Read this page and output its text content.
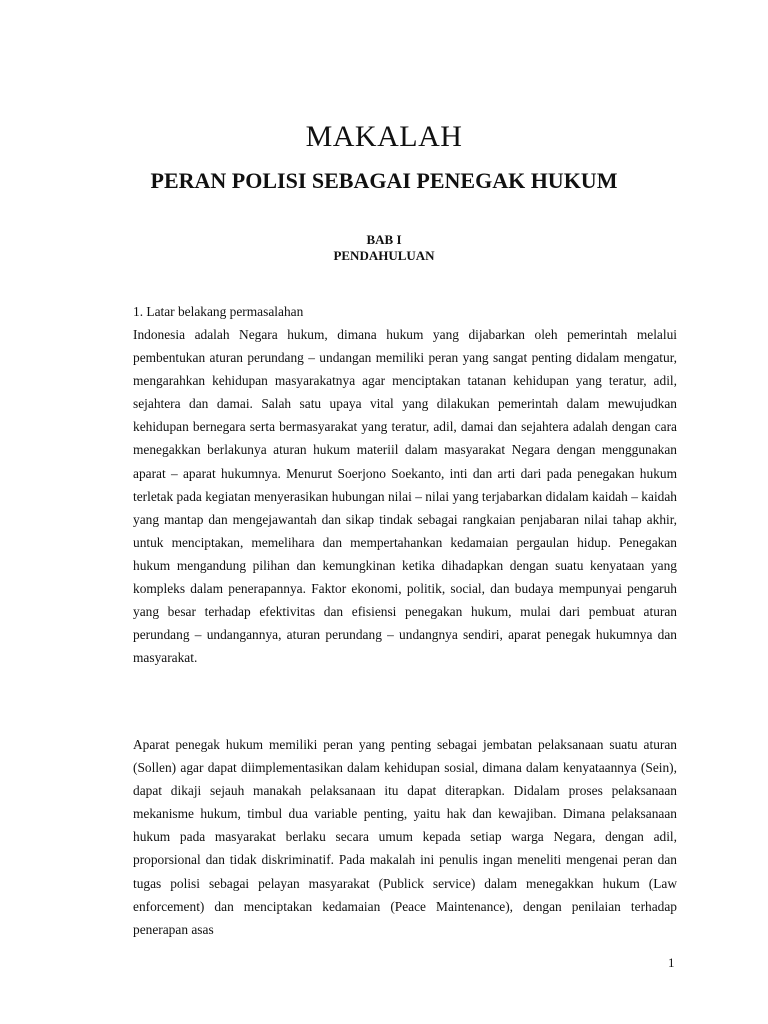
MAKALAH
PERAN POLISI SEBAGAI PENEGAK HUKUM
BAB I
PENDAHULUAN
1. Latar belakang permasalahan
Indonesia adalah Negara hukum, dimana hukum yang dijabarkan oleh pemerintah melalui pembentukan aturan perundang – undangan memiliki peran yang sangat penting didalam mengatur, mengarahkan kehidupan masyarakatnya agar menciptakan tatanan kehidupan yang teratur, adil, sejahtera dan damai. Salah satu upaya vital yang dilakukan pemerintah dalam mewujudkan kehidupan bernegara serta bermasyarakat yang teratur, adil, damai dan sejahtera adalah dengan cara menegakkan berlakunya aturan hukum materiil dalam masyarakat Negara dengan menggunakan aparat – aparat hukumnya. Menurut Soerjono Soekanto, inti dan arti dari pada penegakan hukum terletak pada kegiatan menyerasikan hubungan nilai – nilai yang terjabarkan didalam kaidah – kaidah yang mantap dan mengejawantah dan sikap tindak sebagai rangkaian penjabaran nilai tahap akhir, untuk menciptakan, memelihara dan mempertahankan kedamaian pergaulan hidup. Penegakan hukum mengandung pilihan dan kemungkinan ketika dihadapkan dengan suatu kenyataan yang kompleks dalam penerapannya. Faktor ekonomi, politik, social, dan budaya mempunyai pengaruh yang besar terhadap efektivitas dan efisiensi penegakan hukum, mulai dari pembuat aturan perundang – undangannya, aturan perundang – undangnya sendiri, aparat penegak hukumnya dan masyarakat.
Aparat penegak hukum memiliki peran yang penting sebagai jembatan pelaksanaan suatu aturan (Sollen) agar dapat diimplementasikan dalam kehidupan sosial, dimana dalam kenyataannya (Sein), dapat dikaji sejauh manakah pelaksanaan itu dapat diterapkan. Didalam proses pelaksanaan mekanisme hukum, timbul dua variable penting, yaitu hak dan kewajiban. Dimana pelaksanaan hukum pada masyarakat berlaku secara umum kepada setiap warga Negara, dengan adil, proporsional dan tidak diskriminatif. Pada makalah ini penulis ingan meneliti mengenai peran dan tugas polisi sebagai pelayan masyarakat (Publick service) dalam menegakkan hukum (Law enforcement) dan menciptakan kedamaian (Peace Maintenance), dengan penilaian terhadap penerapan asas
1
